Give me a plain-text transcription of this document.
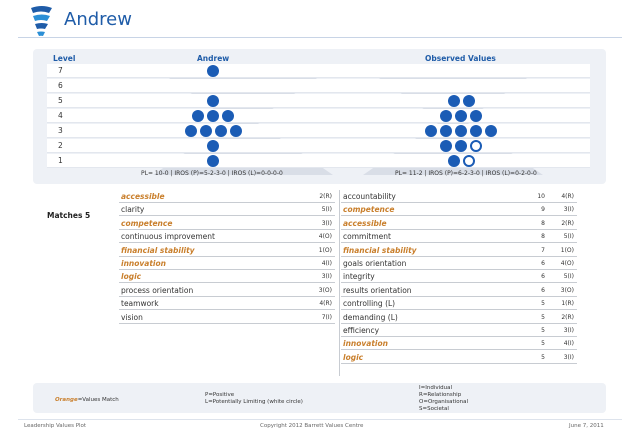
Andrew
Level	Andrew	Observed Values
7
6
5
4
3
2
1
PL= 10-0 | IROS (P)=5-2-3-0 | IROS (L)=0-0-0-0	PL= 11-2 | IROS (P)=6-2-3-0 | IROS (L)=0-2-0-0
Matches 5
accessible	2(R)
clarity	5(I)
competence	3(I)
continuous improvement	4(O)
financial stability	1(O)
innovation	4(I)
logic	3(I)
process orientation	3(O)
teamwork	4(R)
vision	7(I)
accountability	10	4(R)
competence	9	3(I)
accessible	8	2(R)
commitment	8	5(I)
financial stability	7	1(O)
goals orientation	6	4(O)
integrity	6	5(I)
results orientation	6	3(O)
controlling (L)	5	1(R)
demanding (L)	5	2(R)
efficiency	5	3(I)
innovation	5	4(I)
logic	5	3(I)
Orange=Values Match
P=Positive
L=Potentially Limiting (white circle)
I=Individual
R=Relationship
O=Organisational
S=Societal
Leadership Values Plot	Copyright 2012 Barrett Values Centre	June 7, 2011
